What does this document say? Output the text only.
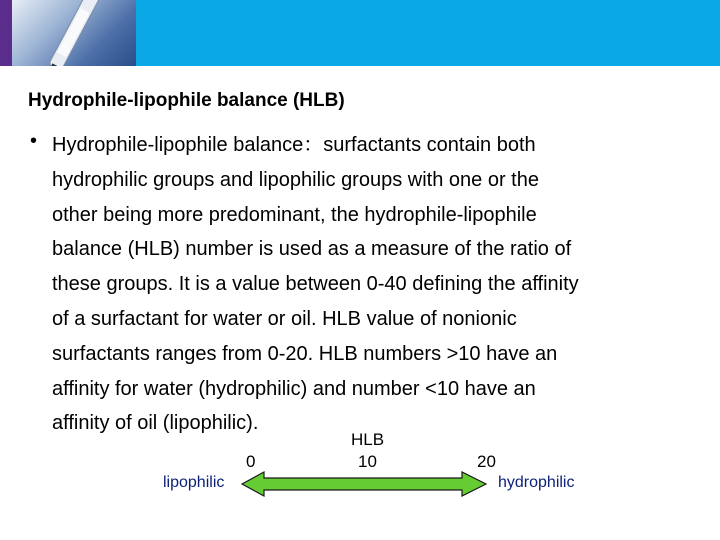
Hydrophile-lipophile balance (HLB)
• Hydrophile-lipophile balance：surfactants contain both
hydrophilic groups and lipophilic groups with one or the
other being more predominant, the hydrophile-lipophile
balance (HLB) number is used as a measure of the ratio of
these groups. It is a value between 0-40 defining the affinity
of a surfactant for water or oil. HLB value of nonionic
surfactants ranges from 0-20. HLB numbers >10 have an
affinity for water (hydrophilic) and number <10 have an
affinity of oil (lipophilic).
HLB
10
0	20
lipophilic	hydrophilic
